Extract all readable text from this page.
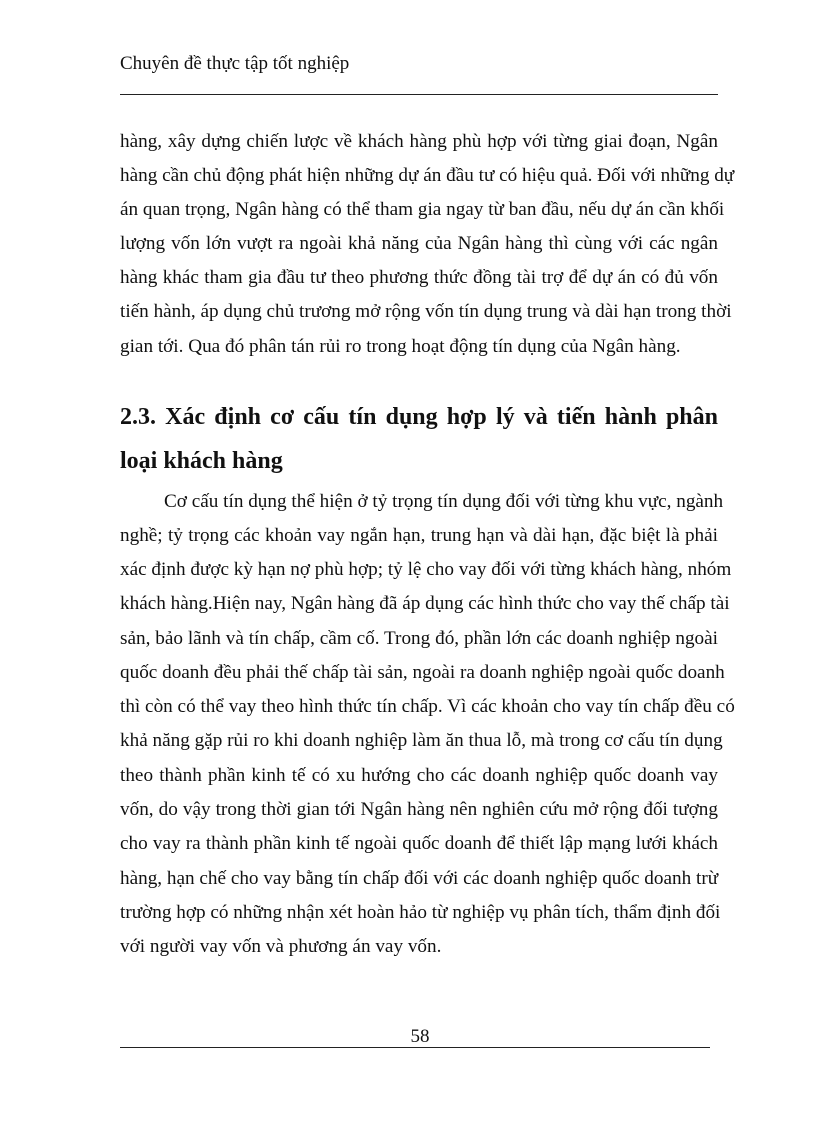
Chuyên đề thực tập tốt nghiệp
hàng, xây dựng chiến lược về khách hàng phù hợp với từng giai đoạn, Ngân
hàng cần chủ động phát hiện những dự án đầu tư có hiệu quả. Đối với những dự
án quan trọng, Ngân hàng có thể tham gia ngay từ ban đầu, nếu dự án cần khối
lượng vốn lớn vượt ra ngoài khả năng của Ngân hàng thì cùng với các ngân
hàng khác tham gia đầu tư theo phương thức đồng tài trợ để dự án có đủ vốn
tiến hành, áp dụng chủ trương mở rộng vốn tín dụng trung và dài hạn trong thời
gian tới. Qua đó phân tán rủi ro trong hoạt động tín dụng của Ngân hàng.
2.3. Xác định cơ cấu tín dụng hợp lý và tiến hành phân
loại khách hàng
Cơ cấu tín dụng thể hiện ở tỷ trọng tín dụng đối với từng khu vực, ngành
nghề; tỷ trọng các khoản vay ngắn hạn, trung hạn và dài hạn, đặc biệt là phải
xác định được kỳ hạn nợ phù hợp; tỷ lệ cho vay đối với từng khách hàng, nhóm
khách hàng.Hiện nay, Ngân hàng đã áp dụng các hình thức cho vay thế chấp tài
sản, bảo lãnh và tín chấp, cầm cố. Trong đó, phần lớn các doanh nghiệp ngoài
quốc doanh đều phải thế chấp tài sản, ngoài ra doanh nghiệp ngoài quốc doanh
thì còn có thể vay theo hình thức tín chấp. Vì các khoản cho vay tín chấp đều có
khả năng gặp rủi ro khi doanh nghiệp làm ăn thua lỗ, mà trong cơ cấu tín dụng
theo thành phần kinh tế có xu hướng cho các doanh nghiệp quốc doanh vay
vốn, do vậy trong thời gian tới Ngân hàng nên nghiên cứu mở rộng đối tượng
cho vay ra thành phần kinh tế ngoài quốc doanh để thiết lập mạng lưới khách
hàng, hạn chế cho vay bằng tín chấp đối với các doanh nghiệp quốc doanh trừ
trường hợp có những nhận xét hoàn hảo từ nghiệp vụ phân tích, thẩm định đối
với người vay vốn và phương án vay vốn.
58
